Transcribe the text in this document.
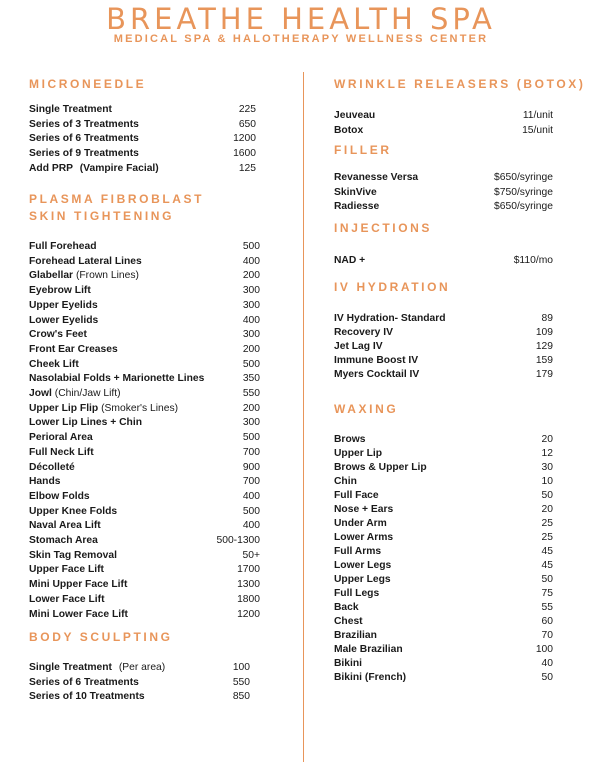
BREATHE HEALTH SPA
MEDICAL SPA & HALOTHERAPY WELLNESS CENTER
MICRONEEDLE
PLASMA FIBROBLAST
SKIN TIGHTENING
BODY SCULPTING
WRINKLE RELEASERS (BOTOX)
FILLER
INJECTIONS
IV HYDRATION
WAXING
Single Treatment	225
Series of 3 Treatments	650
Series of 6 Treatments	1200
Series of 9 Treatments	1600
Add PRP (Vampire Facial)	125
Full Forehead	500
Forehead Lateral Lines	400
Glabellar (Frown Lines)	200
Eyebrow Lift	300
Upper Eyelids	300
Lower Eyelids	400
Crow's Feet	300
Front Ear Creases	200
Cheek Lift	500
Nasolabial Folds + Marionette Lines	350
Jowl (Chin/Jaw Lift)	550
Upper Lip Flip (Smoker's Lines)	200
Lower Lip Lines + Chin	300
Perioral Area	500
Full Neck Lift	700
Décolleté	900
Hands	700
Elbow Folds	400
Upper Knee Folds	500
Naval Area Lift	400
Stomach Area	500-1300
Skin Tag Removal	50+
Upper Face Lift	1700
Mini Upper Face Lift	1300
Lower Face Lift	1800
Mini Lower Face Lift	1200
Single Treatment (Per area)	100
Series of 6 Treatments	550
Series of 10 Treatments	850
Jeuveau	11/unit
Botox	15/unit
Revanesse Versa	$650/syringe
SkinVive	$750/syringe
Radiesse	$650/syringe
NAD +	$110/mo
IV Hydration- Standard	89
Recovery IV	109
Jet Lag IV	129
Immune Boost IV	159
Myers Cocktail IV	179
Brows	20
Upper Lip	12
Brows & Upper Lip	30
Chin	10
Full Face	50
Nose + Ears	20
Under Arm	25
Lower Arms	25
Full Arms	45
Lower Legs	45
Upper Legs	50
Full Legs	75
Back	55
Chest	60
Brazilian	70
Male Brazilian	100
Bikini	40
Bikini (French)	50
